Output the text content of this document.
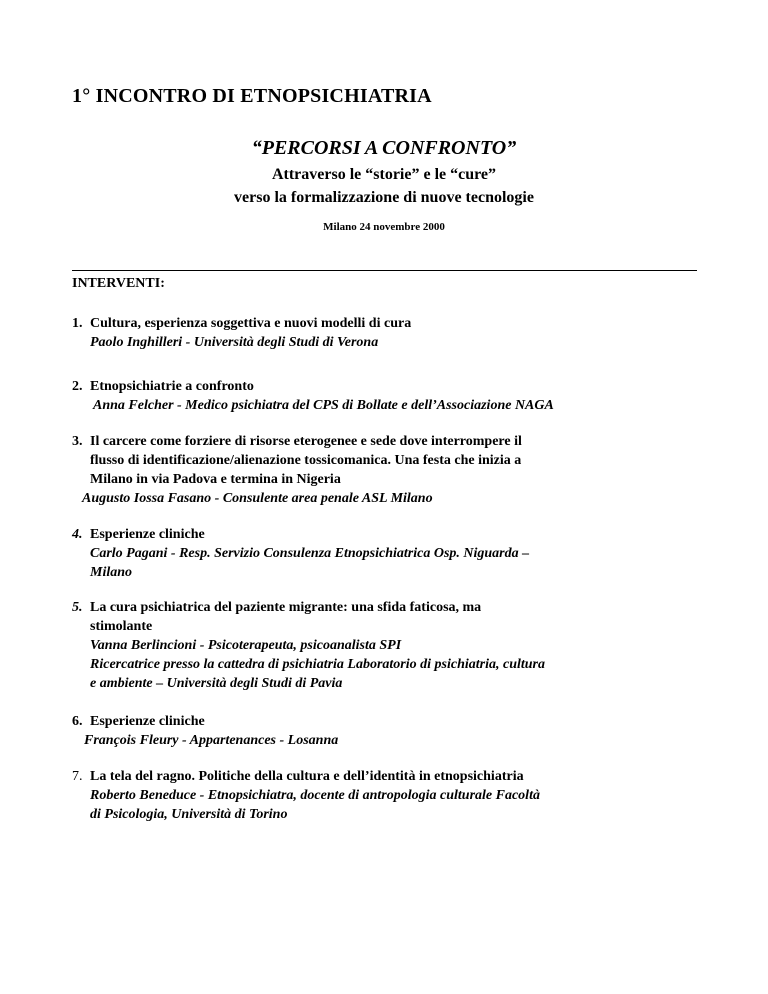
1° INCONTRO DI ETNOPSICHIATRIA
“PERCORSI A CONFRONTO”
Attraverso le “storie” e le “cure”
verso la formalizzazione di nuove tecnologie
Milano 24 novembre 2000
INTERVENTI:
1. Cultura, esperienza soggettiva e nuovi modelli di cura
Paolo Inghilleri - Università degli Studi di Verona
2. Etnopsichiatrie a confronto
Anna Felcher - Medico psichiatra del CPS di Bollate e dell’Associazione NAGA
3. Il carcere come forziere di risorse eterogenee e sede dove interrompere il
flusso di identificazione/alienazione tossicomanica. Una festa che inizia a
Milano in via Padova e termina in Nigeria
Augusto Iossa Fasano - Consulente area penale ASL Milano
4. Esperienze cliniche
Carlo Pagani - Resp. Servizio Consulenza Etnopsichiatrica Osp. Niguarda –
Milano
5. La cura psichiatrica del paziente migrante: una sfida faticosa, ma
stimolante
Vanna Berlincioni - Psicoterapeuta, psicoanalista SPI
Ricercatrice presso la cattedra di psichiatria Laboratorio di psichiatria, cultura
e ambiente – Università degli Studi di Pavia
6. Esperienze cliniche
François Fleury - Appartenances - Losanna
7. La tela del ragno. Politiche della cultura e dell’identità in etnopsichiatria
Roberto Beneduce - Etnopsichiatra, docente di antropologia culturale Facoltà
di Psicologia, Università di Torino
